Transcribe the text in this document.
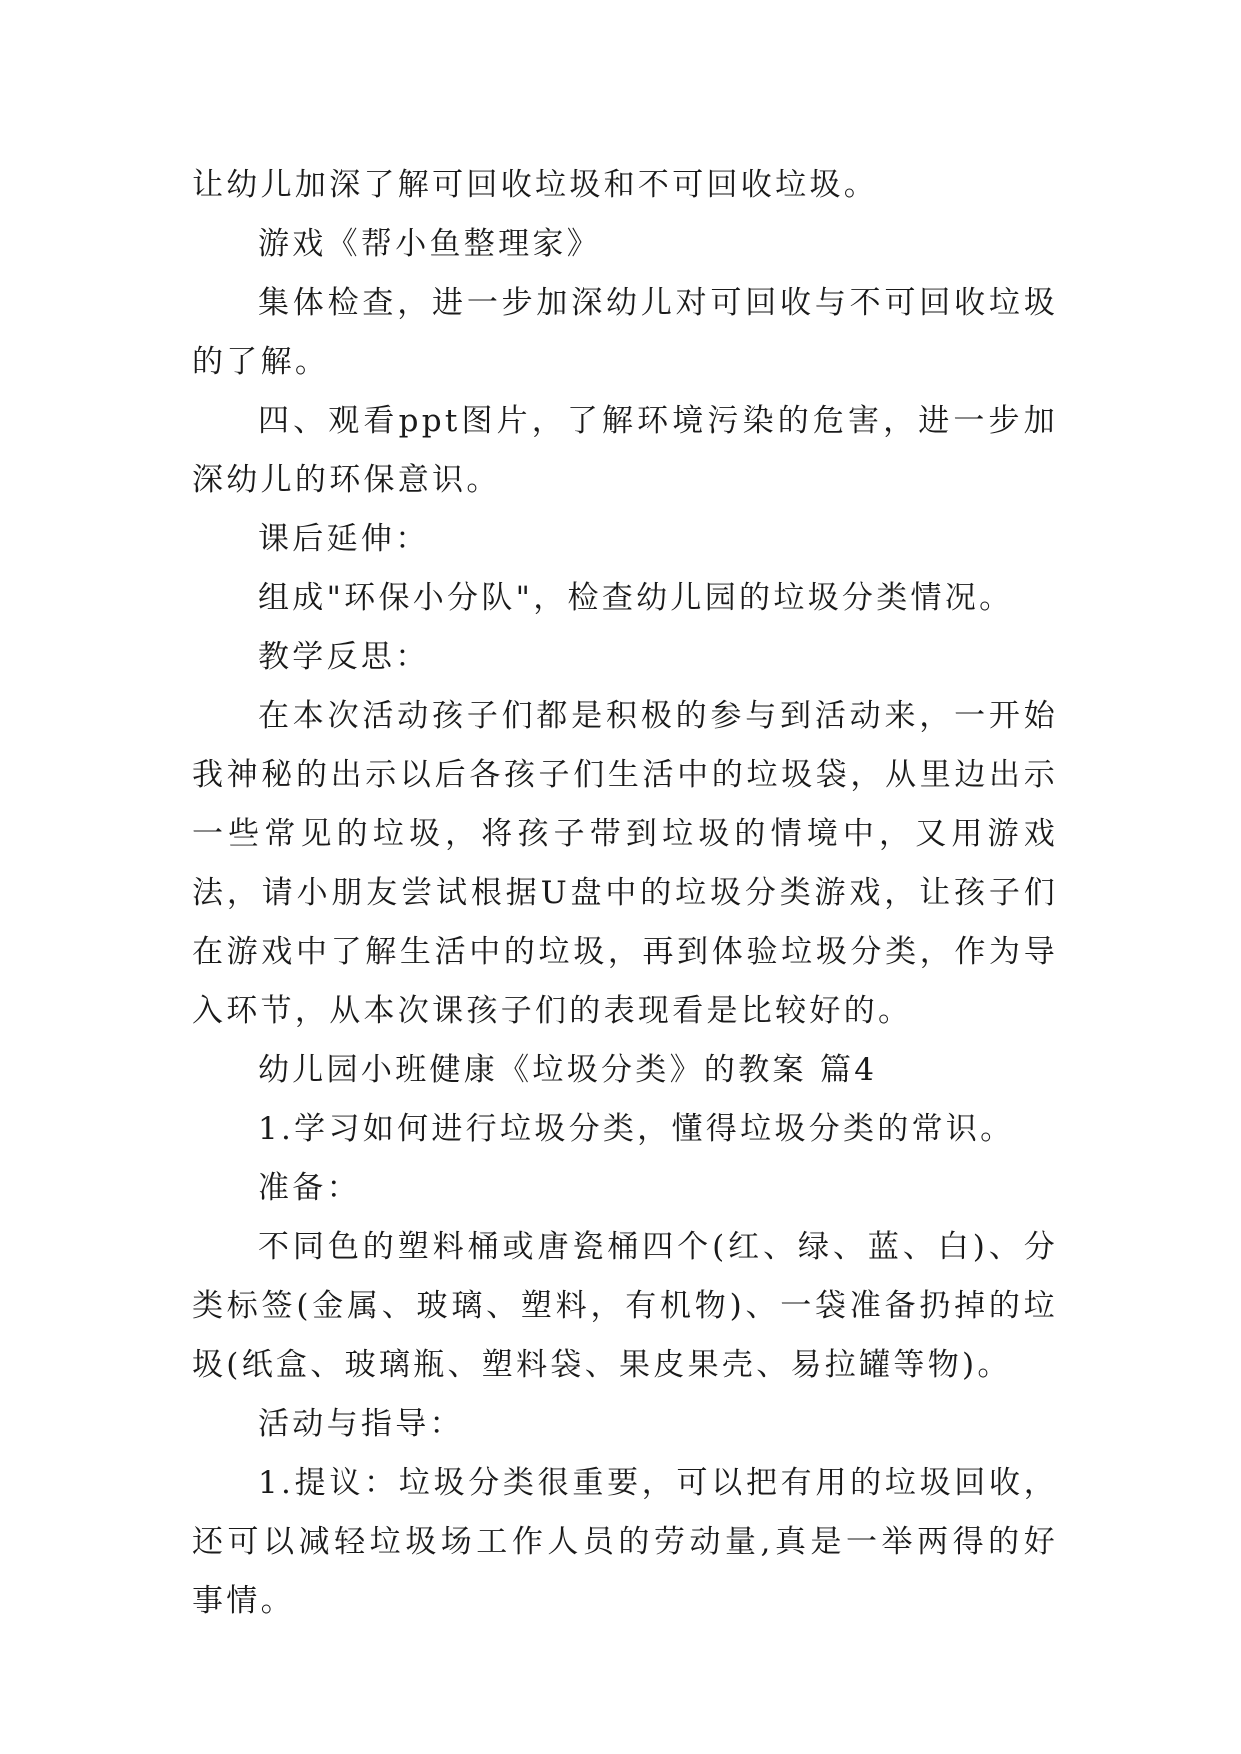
让幼儿加深了解可回收垃圾和不可回收垃圾。

游戏《帮小鱼整理家》

集体检查，进一步加深幼儿对可回收与不可回收垃圾的了解。

四、观看ppt图片，了解环境污染的危害，进一步加深幼儿的环保意识。

课后延伸：

组成"环保小分队"，检查幼儿园的垃圾分类情况。

教学反思：

在本次活动孩子们都是积极的参与到活动来，一开始我神秘的出示以后各孩子们生活中的垃圾袋，从里边出示一些常见的垃圾，将孩子带到垃圾的情境中，又用游戏法，请小朋友尝试根据U盘中的垃圾分类游戏，让孩子们在游戏中了解生活中的垃圾，再到体验垃圾分类，作为导入环节，从本次课孩子们的表现看是比较好的。

幼儿园小班健康《垃圾分类》的教案 篇4

1.学习如何进行垃圾分类，懂得垃圾分类的常识。

准备：

不同色的塑料桶或唐瓷桶四个(红、绿、蓝、白)、分类标签(金属、玻璃、塑料，有机物)、一袋准备扔掉的垃圾(纸盒、玻璃瓶、塑料袋、果皮果壳、易拉罐等物)。

活动与指导：

1.提议：垃圾分类很重要，可以把有用的垃圾回收，还可以减轻垃圾场工作人员的劳动量,真是一举两得的好事情。
